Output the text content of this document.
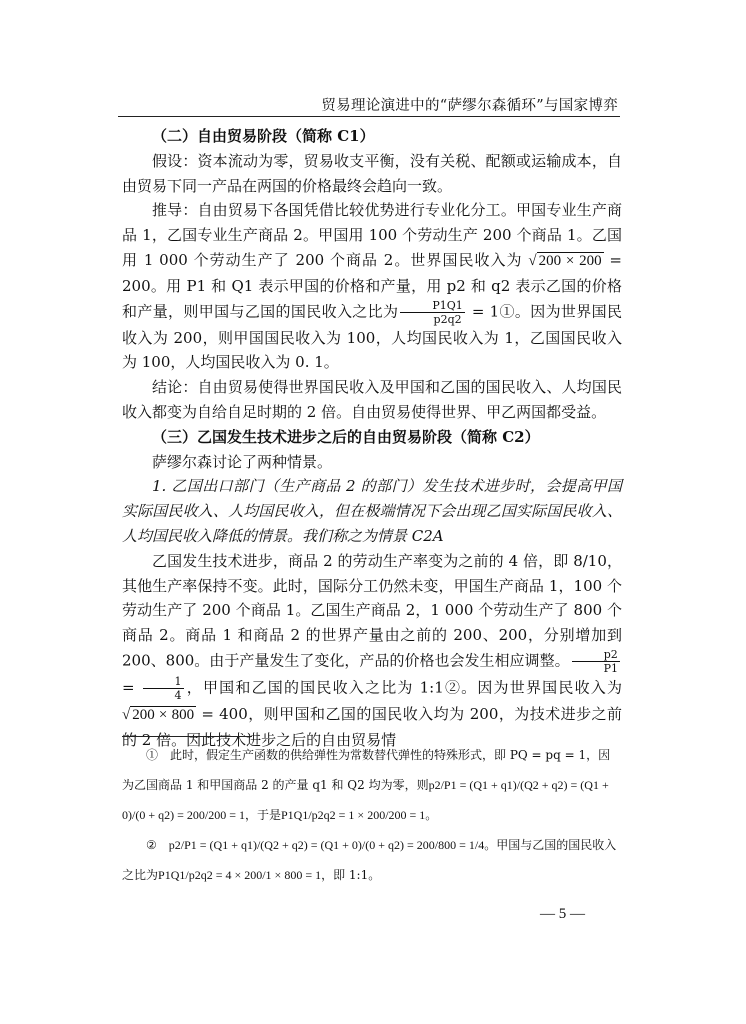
贸易理论演进中的“萨缪尔森循环”与国家博弈

（二）自由贸易阶段（简称 C1）

假设：资本流动为零，贸易收支平衡，没有关税、配额或运输成本，自由贸易下同一产品在两国的价格最终会趋向一致。

推导：自由贸易下各国凭借比较优势进行专业化分工。甲国专业生产商品 1，乙国专业生产商品 2。甲国用 100 个劳动生产 200 个商品 1。乙国用 1 000 个劳动生产了 200 个商品 2。世界国民收入为 √ 200 × 200 = 200。用 P1 和 Q1 表示甲国的价格和产量，用 p2 和 q2 表示乙国的价格和产量，则甲国与乙国的国民收入之比为 $\frac{P1Q1}{p2q2}$ = 1①。因为世界国民收入为 200，则甲国国民收入为 100，人均国民收入为 1，乙国国民收入为 100，人均国民收入为 0. 1。

结论：自由贸易使得世界国民收入及甲国和乙国的国民收入、人均国民收入都变为自给自足时期的 2 倍。自由贸易使得世界、甲乙两国都受益。

（三）乙国发生技术进步之后的自由贸易阶段（简称 C2）

萨缪尔森讨论了两种情景。

1. 乙国出口部门（生产商品 2 的部门）发生技术进步时，会提高甲国实际国民收入、人均国民收入，但在极端情况下会出现乙国实际国民收入、人均国民收入降低的情景。我们称之为情景 C2A

乙国发生技术进步，商品 2 的劳动生产率变为之前的 4 倍，即 8/10，其他生产率保持不变。此时，国际分工仍然未变，甲国生产商品 1，100 个劳动生产了 200 个商品 1。乙国生产商品 2，1 000 个劳动生产了 800 个商品 2。商品 1 和商品 2 的世界产量由之前的 200、200，分别增加到 200、800。由于产量发生了变化，产品的价格也会发生相应调整。 $\frac{p2}{P1}$
= $\frac{1}{4}$ ，甲国和乙国的国民收入之比为 1:1②。因为世界国民收入为 √ 200 × 800 = 400，则甲国和乙国的国民收入均为 200，为技术进步之前的 2 倍。因此技术进步之后的自由贸易情

①　此时，假定生产函数的供给弹性为常数替代弹性的特殊形式，即 PQ = pq = 1，因为乙国商品 1 和甲国商品 2 的产量 q1 和 Q2 均为零，则p2/P1 = (Q1 + q1)/(Q2 + q2) = (Q1 + 0)/(0 + q2) = 200/200 = 1，于是P1Q1/p2q2 = 1 × 200/200 = 1。

②　p2/P1 = (Q1 + q1)/(Q2 + q2) = (Q1 + 0)/(0 + q2) = 200/800 = 1/4。甲国与乙国的国民收入之比为P1Q1/p2q2 = 4 × 200/1 × 800 = 1，即 1:1。

— 5 —
